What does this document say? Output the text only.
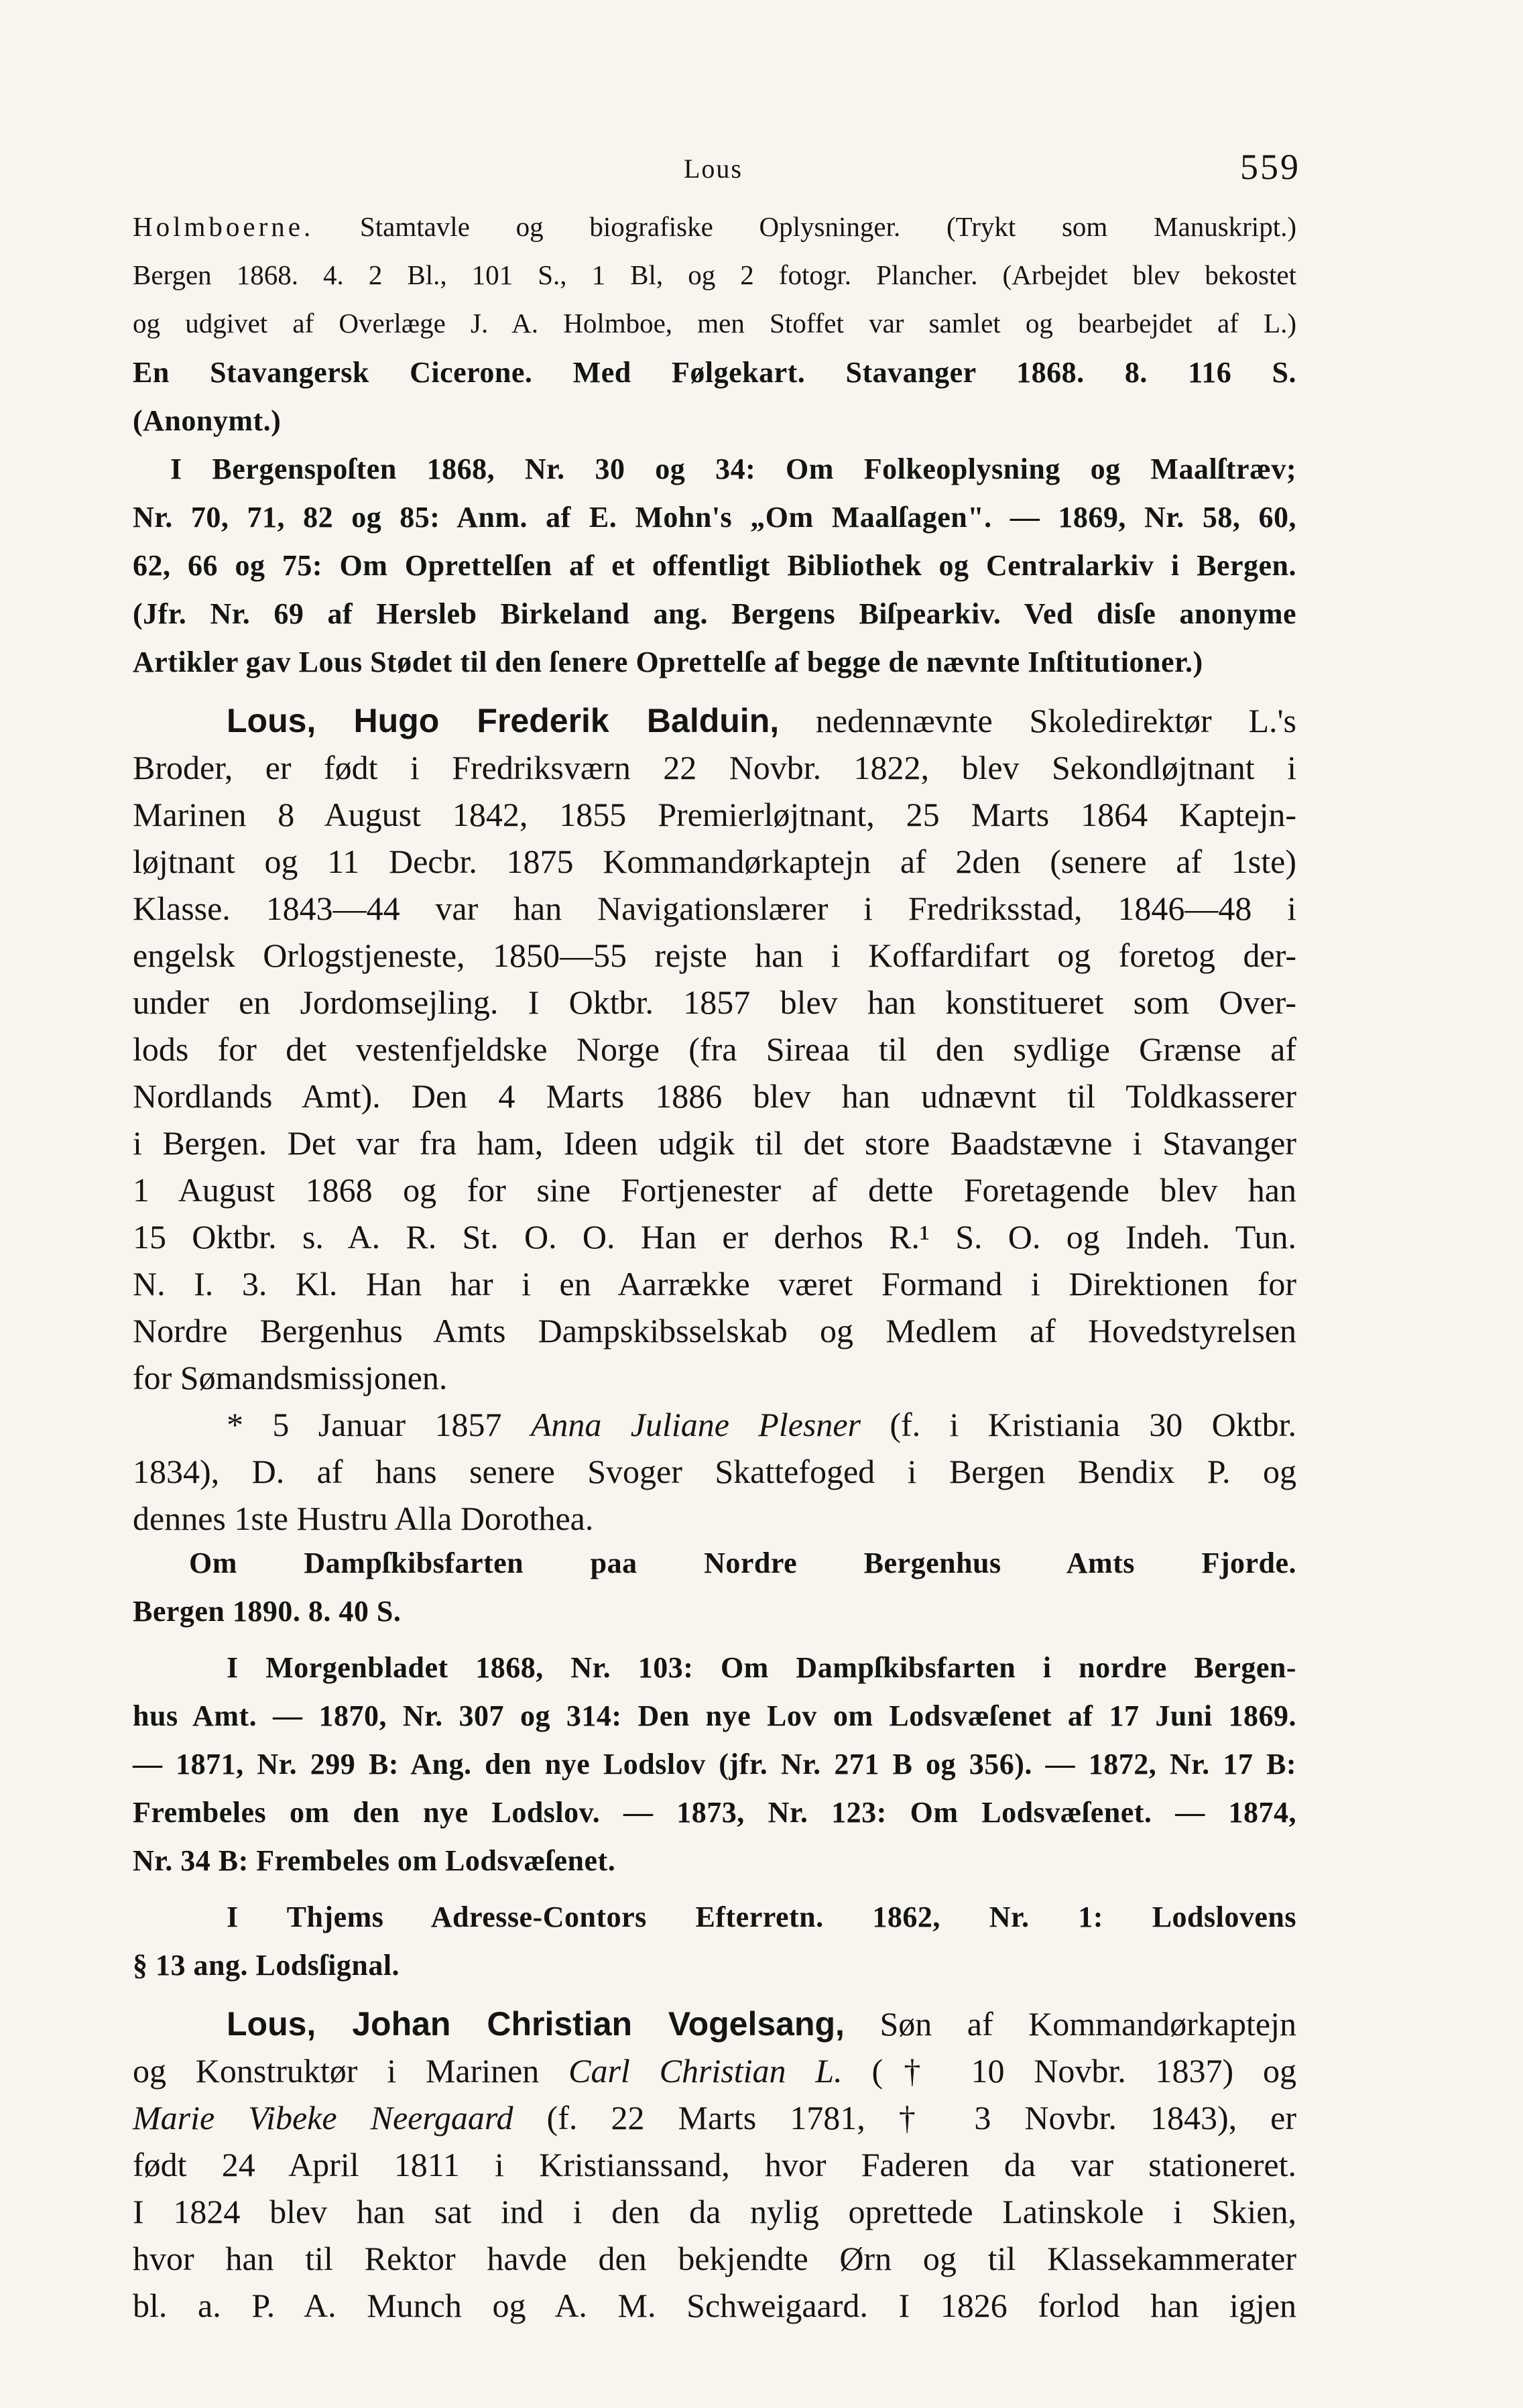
Lous	559
Holmboerne. Stamtavle og biografiske Oplysninger. (Trykt som Manuskript.)
Bergen 1868. 4. 2 Bl., 101 S., 1 Bl, og 2 fotogr. Plancher. (Arbejdet blev bekostet
og udgivet af Overlæge J. A. Holmboe, men Stoffet var samlet og bearbejdet af L.)
En Stavangersk Cicerone. Med Følgekart. Stavanger 1868. 8. 116 S.
(Anonymt.)
I Bergenspoſten 1868, Nr. 30 og 34: Om Folkeoplysning og Maalſtræv;
Nr. 70, 71, 82 og 85: Anm. af E. Mohn's „Om Maalſagen". — 1869, Nr. 58, 60,
62, 66 og 75: Om Oprettelſen af et offentligt Bibliothek og Centralarkiv i Bergen.
(Jfr. Nr. 69 af Hersleb Birkeland ang. Bergens Biſpearkiv. Ved disſe anonyme
Artikler gav Lous Stødet til den ſenere Oprettelſe af begge de nævnte Inſtitutioner.)
Lous, Hugo Frederik Balduin, nedennævnte Skoledirektør L.'s
Broder, er født i Fredriksværn 22 Novbr. 1822, blev Sekondløjtnant i
Marinen 8 August 1842, 1855 Premierløjtnant, 25 Marts 1864 Kaptejn-
løjtnant og 11 Decbr. 1875 Kommandørkaptejn af 2den (senere af 1ste)
Klasse. 1843—44 var han Navigationslærer i Fredriksstad, 1846—48 i
engelsk Orlogstjeneste, 1850—55 rejste han i Koffardifart og foretog der-
under en Jordomsejling. I Oktbr. 1857 blev han konstitueret som Over-
lods for det vestenfjeldske Norge (fra Sireaa til den sydlige Grænse af
Nordlands Amt). Den 4 Marts 1886 blev han udnævnt til Toldkasserer
i Bergen. Det var fra ham, Ideen udgik til det store Baadstævne i Stavanger
1 August 1868 og for sine Fortjenester af dette Foretagende blev han
15 Oktbr. s. A. R. St. O. O. Han er derhos R.¹ S. O. og Indeh. Tun.
N. I. 3. Kl. Han har i en Aarrække været Formand i Direktionen for
Nordre Bergenhus Amts Dampskibsselskab og Medlem af Hovedstyrelsen
for Sømandsmissjonen.
* 5 Januar 1857 Anna Juliane Plesner (f. i Kristiania 30 Oktbr.
1834), D. af hans senere Svoger Skattefoged i Bergen Bendix P. og
dennes 1ste Hustru Alla Dorothea.
Om Dampſkibsfarten paa Nordre Bergenhus Amts Fjorde.
Bergen 1890. 8. 40 S.
I Morgenbladet 1868, Nr. 103: Om Dampſkibsfarten i nordre Bergen-
hus Amt. — 1870, Nr. 307 og 314: Den nye Lov om Lodsvæſenet af 17 Juni 1869.
— 1871, Nr. 299 B: Ang. den nye Lodslov (jfr. Nr. 271 B og 356). — 1872, Nr. 17 B:
Frembeles om den nye Lodslov. — 1873, Nr. 123: Om Lodsvæſenet. — 1874,
Nr. 34 B: Frembeles om Lodsvæſenet.
I Thjems Adresse-Contors Efterretn. 1862, Nr. 1: Lodslovens
§ 13 ang. Lodsſignal.
Lous, Johan Christian Vogelsang, Søn af Kommandørkaptejn
og Konstruktør i Marinen Carl Christian L. († 10 Novbr. 1837) og
Marie Vibeke Neergaard (f. 22 Marts 1781, † 3 Novbr. 1843), er
født 24 April 1811 i Kristianssand, hvor Faderen da var stationeret.
I 1824 blev han sat ind i den da nylig oprettede Latinskole i Skien,
hvor han til Rektor havde den bekjendte Ørn og til Klassekammerater
bl. a. P. A. Munch og A. M. Schweigaard. I 1826 forlod han igjen
